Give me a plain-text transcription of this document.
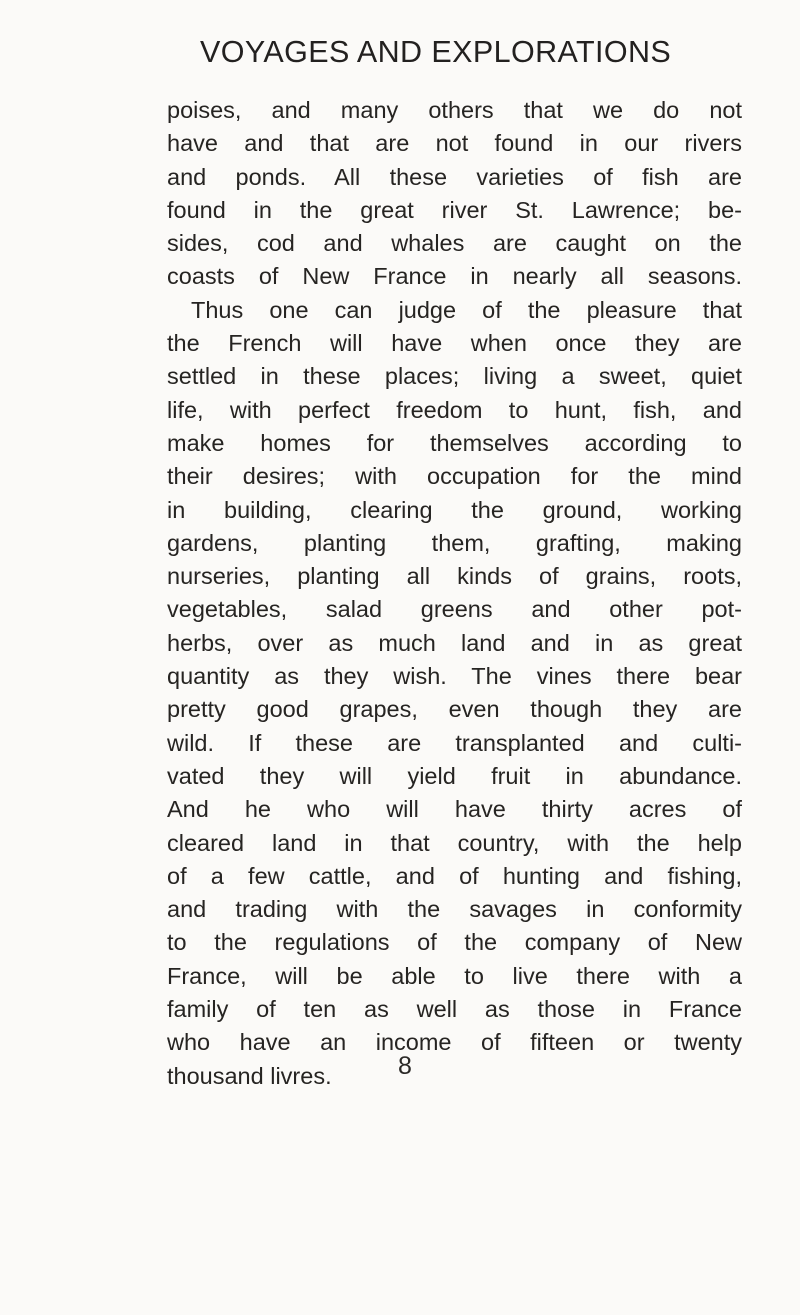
VOYAGES AND EXPLORATIONS
poises, and many others that we do not
have and that are not found in our rivers
and ponds. All these varieties of fish are
found in the great river St. Lawrence; be-
sides, cod and whales are caught on the
coasts of New France in nearly all seasons.
Thus one can judge of the pleasure that
the French will have when once they are
settled in these places; living a sweet, quiet
life, with perfect freedom to hunt, fish, and
make homes for themselves according to
their desires; with occupation for the mind
in building, clearing the ground, working
gardens, planting them, grafting, making
nurseries, planting all kinds of grains, roots,
vegetables, salad greens and other pot-
herbs, over as much land and in as great
quantity as they wish. The vines there bear
pretty good grapes, even though they are
wild. If these are transplanted and culti-
vated they will yield fruit in abundance.
And he who will have thirty acres of
cleared land in that country, with the help
of a few cattle, and of hunting and fishing,
and trading with the savages in conformity
to the regulations of the company of New
France, will be able to live there with a
family of ten as well as those in France
who have an income of fifteen or twenty
thousand livres.	8
